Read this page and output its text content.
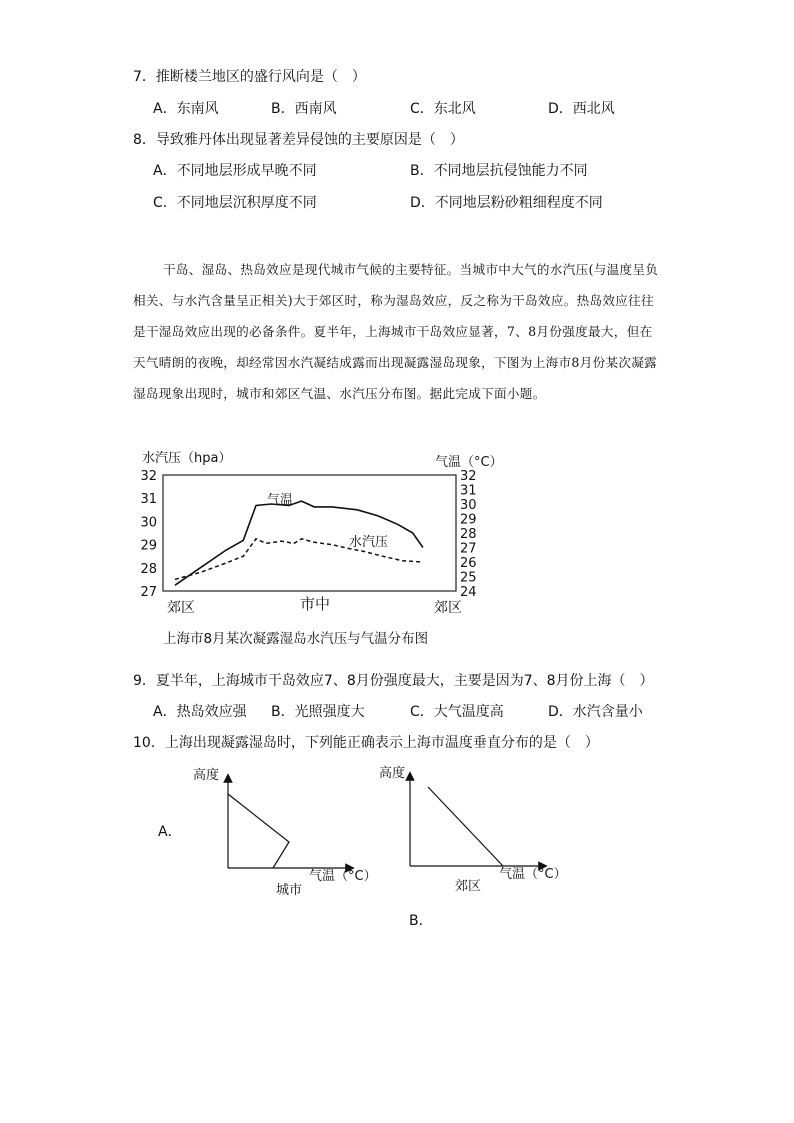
7．推断楼兰地区的盛行风向是（　）
A．东南风	B．西南风	C．东北风	D．西北风
8．导致雅丹体出现显著差异侵蚀的主要原因是（　）
A．不同地层形成早晚不同	B．不同地层抗侵蚀能力不同
C．不同地层沉积厚度不同	D．不同地层粉砂粗细程度不同
干岛、湿岛、热岛效应是现代城市气候的主要特征。当城市中大气的水汽压(与温度呈负相关、与水汽含量呈正相关)大于郊区时，称为湿岛效应，反之称为干岛效应。热岛效应往往是干湿岛效应出现的必备条件。夏半年，上海城市干岛效应显著，7、8月份强度最大，但在天气晴朗的夜晚，却经常因水汽凝结成露而出现凝露湿岛现象，下图为上海市8月份某次凝露湿岛现象出现时，城市和郊区气温、水汽压分布图。据此完成下面小题。
水汽压（hpa）	气温（°C）
27
28
29
30
31
32
24
25
26
27
28
29
30
31
32
气温
水汽压
郊区	市中	郊区
上海市8月某次凝露湿岛水汽压与气温分布图
9．夏半年，上海城市干岛效应7、8月份强度最大，主要是因为7、8月份上海（　）
A．热岛效应强 B．光照强度大	C．大气温度高	D．水汽含量小
10．上海出现凝露湿岛时，下列能正确表示上海市温度垂直分布的是（　）
A．
高度
气温（°C）
城市
高度
气温（°C）
郊区
B．
